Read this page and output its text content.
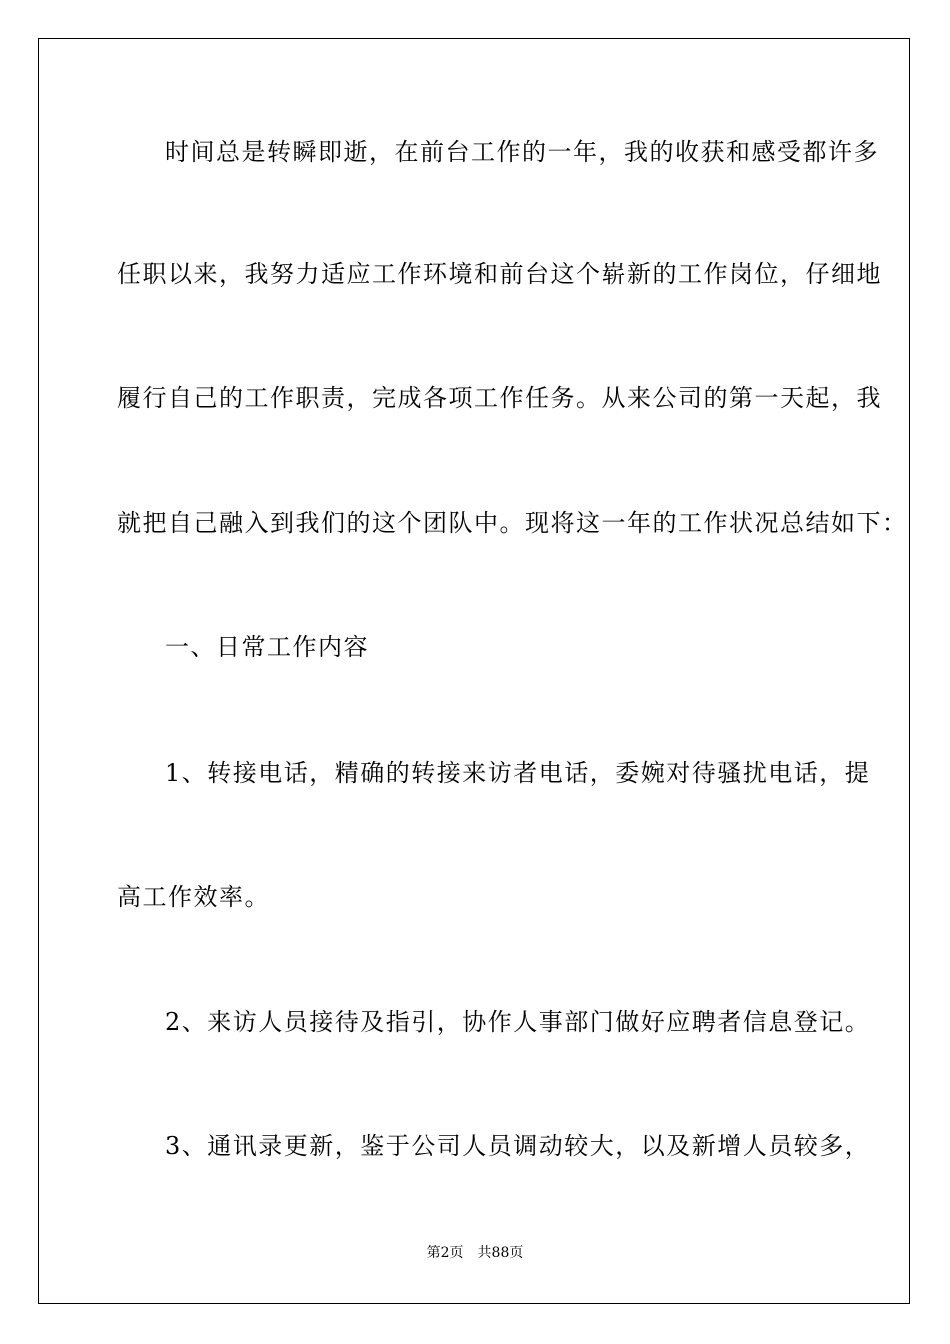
时间总是转瞬即逝，在前台工作的一年，我的收获和感受都许多
任职以来，我努力适应工作环境和前台这个崭新的工作岗位，仔细地
履行自己的工作职责，完成各项工作任务。从来公司的第一天起，我
就把自己融入到我们的这个团队中。现将这一年的工作状况总结如下：
一、日常工作内容
1、转接电话，精确的转接来访者电话，委婉对待骚扰电话，提
高工作效率。
2、来访人员接待及指引，协作人事部门做好应聘者信息登记。
3、通讯录更新，鉴于公司人员调动较大，以及新增人员较多，
第2页 共88页
